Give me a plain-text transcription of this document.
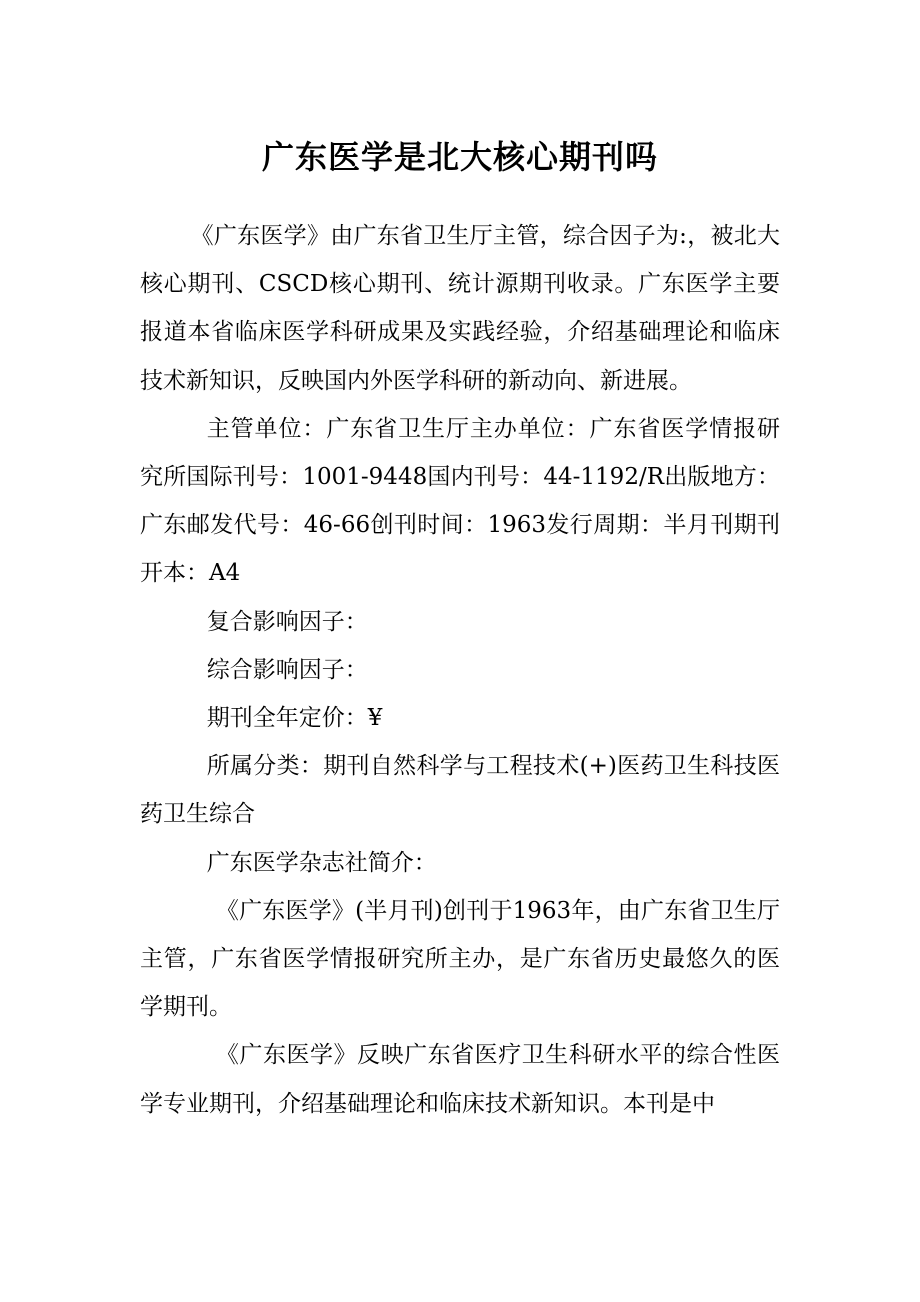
广东医学是北大核心期刊吗

《广东医学》由广东省卫生厅主管，综合因子为:，被北大核心期刊、CSCD核心期刊、统计源期刊收录。广东医学主要报道本省临床医学科研成果及实践经验，介绍基础理论和临床技术新知识，反映国内外医学科研的新动向、新进展。

主管单位：广东省卫生厅主办单位：广东省医学情报研究所国际刊号：1001-9448国内刊号：44-1192/R出版地方：广东邮发代号：46-66创刊时间：1963发行周期：半月刊期刊开本：A4

复合影响因子：

综合影响因子：

期刊全年定价：¥

所属分类：期刊自然科学与工程技术(+)医药卫生科技医药卫生综合

广东医学杂志社简介：

《广东医学》(半月刊)创刊于1963年，由广东省卫生厅主管，广东省医学情报研究所主办，是广东省历史最悠久的医学期刊。

《广东医学》反映广东省医疗卫生科研水平的综合性医学专业期刊，介绍基础理论和临床技术新知识。本刊是中
